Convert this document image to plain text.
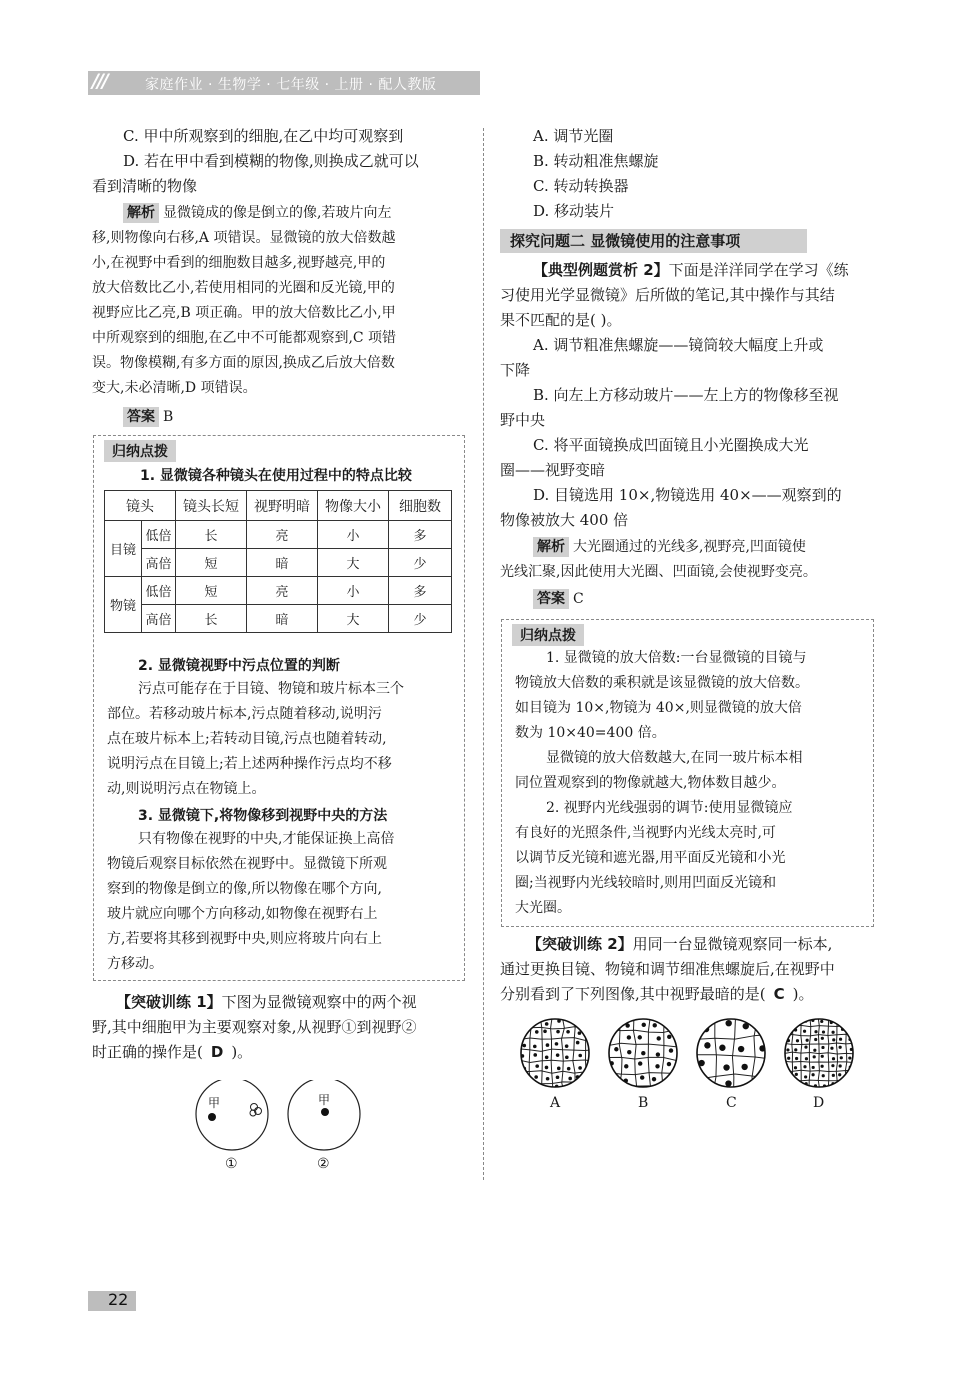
///	家庭作业 · 生物学 · 七年级 · 上册 · 配人教版

C. 甲中所观察到的细胞,在乙中均可观察到

D. 若在甲中看到模糊的物像,则换成乙就可以

看到清晰的物像

解析 显微镜成的像是倒立的像,若玻片向左

移,则物像向右移,A 项错误。显微镜的放大倍数越

小,在视野中看到的细胞数目越多,视野越亮,甲的

放大倍数比乙小,若使用相同的光圈和反光镜,甲的

视野应比乙亮,B 项正确。甲的放大倍数比乙小,甲

中所观察到的细胞,在乙中不可能都观察到,C 项错

误。物像模糊,有多方面的原因,换成乙后放大倍数

变大,未必清晰,D 项错误。

答案 B

归纳点拨
1. 显微镜各种镜头在使用过程中的特点比较
镜头		镜头长短	视野明暗	物像大小	细胞数
目镜	低倍	长	亮	小	多
	高倍	短	暗	大	少
物镜	低倍	短	亮	小	多
	高倍	长	暗	大	少
2. 显微镜视野中污点位置的判断

污点可能存在于目镜、物镜和玻片标本三个

部位。若移动玻片标本,污点随着移动,说明污

点在玻片标本上;若转动目镜,污点也随着转动,

说明污点在目镜上;若上述两种操作污点均不移

动,则说明污点在物镜上。

3. 显微镜下,将物像移到视野中央的方法

只有物像在视野的中央,才能保证换上高倍

物镜后观察目标依然在视野中。显微镜下所观

察到的物像是倒立的像,所以物像在哪个方向,

玻片就应向哪个方向移动,如物像在视野右上

方,若要将其移到视野中央,则应将玻片向右上

方移动。

【突破训练 1】下图为显微镜观察中的两个视

野,其中细胞甲为主要观察对象,从视野①到视野②

时正确的操作是( D )。

甲	甲
①	②

A. 调节光圈

B. 转动粗准焦螺旋

C. 转动转换器

D. 移动装片

探究问题二 显微镜使用的注意事项

【典型例题赏析 2】下面是洋洋同学在学习《练

习使用光学显微镜》后所做的笔记,其中操作与其结

果不匹配的是( )。

A. 调节粗准焦螺旋——镜筒较大幅度上升或

下降

B. 向左上方移动玻片——左上方的物像移至视

野中央

C. 将平面镜换成凹面镜且小光圈换成大光

圈——视野变暗

D. 目镜选用 10×,物镜选用 40×——观察到的

物像被放大 400 倍

解析 大光圈通过的光线多,视野亮,凹面镜使

光线汇聚,因此使用大光圈、凹面镜,会使视野变亮。

答案 C

归纳点拨

1. 显微镜的放大倍数:一台显微镜的目镜与

物镜放大倍数的乘积就是该显微镜的放大倍数。

如目镜为 10×,物镜为 40×,则显微镜的放大倍

数为 10×40=400 倍。

显微镜的放大倍数越大,在同一玻片标本相

同位置观察到的物像就越大,物体数目越少。

2. 视野内光线强弱的调节:使用显微镜应

有良好的光照条件,当视野内光线太亮时,可

以调节反光镜和遮光器,用平面反光镜和小光

圈;当视野内光线较暗时,则用凹面反光镜和

大光圈。

【突破训练 2】用同一台显微镜观察同一标本,

通过更换目镜、物镜和调节细准焦螺旋后,在视野中

分别看到了下列图像,其中视野最暗的是( C )。

A	B	C	D
22
